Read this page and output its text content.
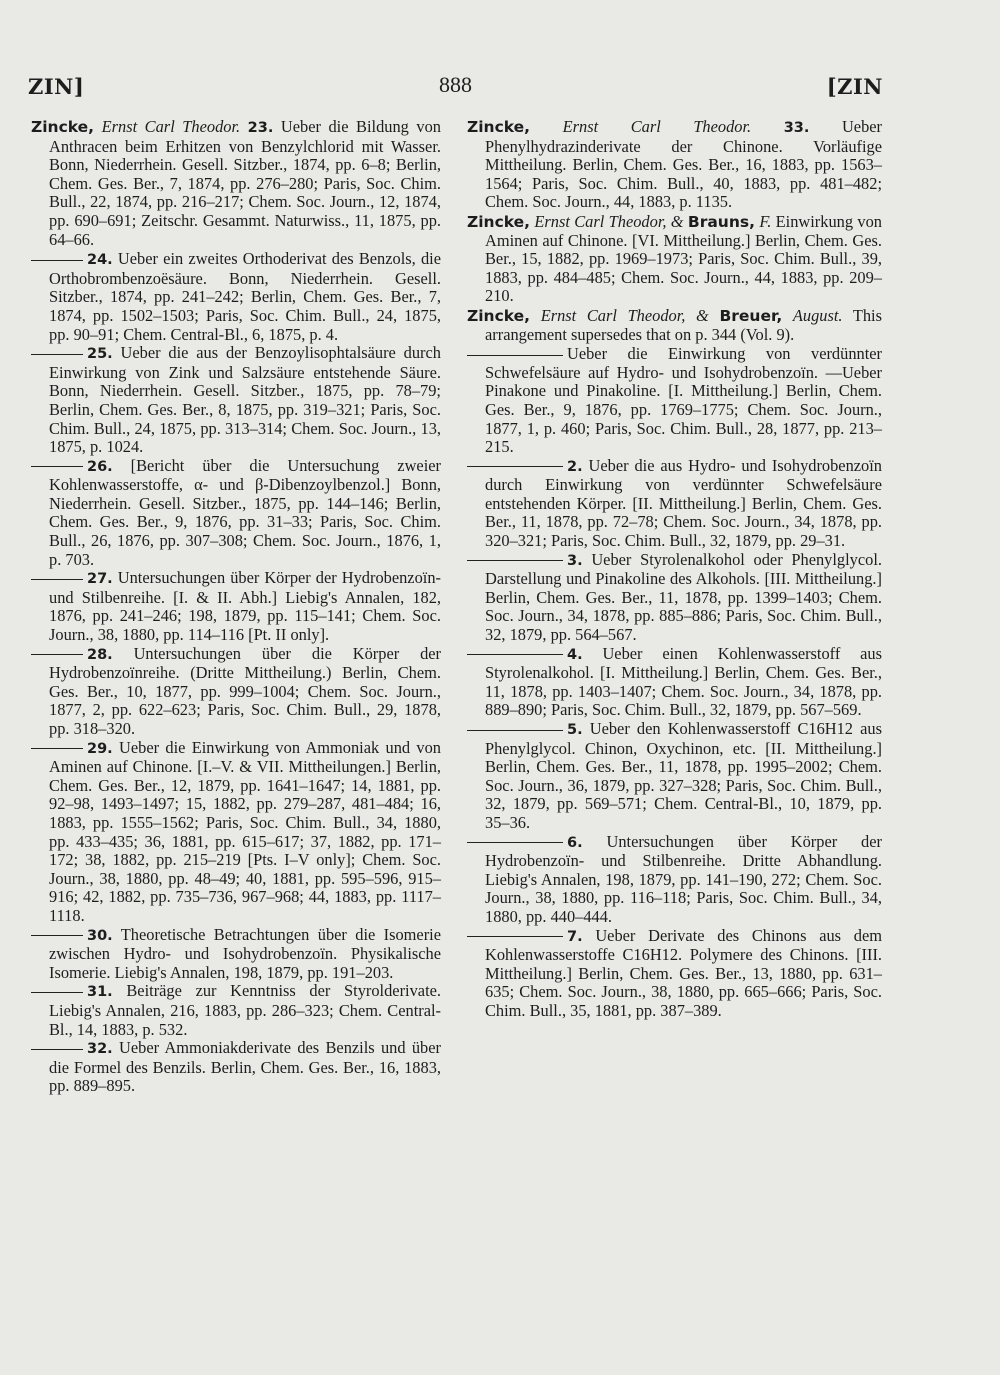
ZIN]	888	[ZIN

Zincke, Ernst Carl Theodor. 23. Ueber die Bildung von Anthracen beim Erhitzen von Benzylchlorid mit Wasser. Bonn, Niederrhein. Gesell. Sitzber., 1874, pp. 6–8; Berlin, Chem. Ges. Ber., 7, 1874, pp. 276–280; Paris, Soc. Chim. Bull., 22, 1874, pp. 216–217; Chem. Soc. Journ., 12, 1874, pp. 690–691; Zeitschr. Gesammt. Naturwiss., 11, 1875, pp. 64–66.

24. Ueber ein zweites Orthoderivat des Benzols, die Orthobrombenzoësäure. Bonn, Niederrhein. Gesell. Sitzber., 1874, pp. 241–242; Berlin, Chem. Ges. Ber., 7, 1874, pp. 1502–1503; Paris, Soc. Chim. Bull., 24, 1875, pp. 90–91; Chem. Central-Bl., 6, 1875, p. 4.

25. Ueber die aus der Benzoylisophtalsäure durch Einwirkung von Zink und Salzsäure entstehende Säure. Bonn, Niederrhein. Gesell. Sitzber., 1875, pp. 78–79; Berlin, Chem. Ges. Ber., 8, 1875, pp. 319–321; Paris, Soc. Chim. Bull., 24, 1875, pp. 313–314; Chem. Soc. Journ., 13, 1875, p. 1024.

26. [Bericht über die Untersuchung zweier Kohlenwasserstoffe, α- und β-Dibenzoylbenzol.] Bonn, Niederrhein. Gesell. Sitzber., 1875, pp. 144–146; Berlin, Chem. Ges. Ber., 9, 1876, pp. 31–33; Paris, Soc. Chim. Bull., 26, 1876, pp. 307–308; Chem. Soc. Journ., 1876, 1, p. 703.

27. Untersuchungen über Körper der Hydrobenzoïn- und Stilbenreihe. [I. & II. Abh.] Liebig's Annalen, 182, 1876, pp. 241–246; 198, 1879, pp. 115–141; Chem. Soc. Journ., 38, 1880, pp. 114–116 [Pt. II only].

28. Untersuchungen über die Körper der Hydrobenzoïnreihe. (Dritte Mittheilung.) Berlin, Chem. Ges. Ber., 10, 1877, pp. 999–1004; Chem. Soc. Journ., 1877, 2, pp. 622–623; Paris, Soc. Chim. Bull., 29, 1878, pp. 318–320.

29. Ueber die Einwirkung von Ammoniak und von Aminen auf Chinone. [I.–V. & VII. Mittheilungen.] Berlin, Chem. Ges. Ber., 12, 1879, pp. 1641–1647; 14, 1881, pp. 92–98, 1493–1497; 15, 1882, pp. 279–287, 481–484; 16, 1883, pp. 1555–1562; Paris, Soc. Chim. Bull., 34, 1880, pp. 433–435; 36, 1881, pp. 615–617; 37, 1882, pp. 171–172; 38, 1882, pp. 215–219 [Pts. I–V only]; Chem. Soc. Journ., 38, 1880, pp. 48–49; 40, 1881, pp. 595–596, 915–916; 42, 1882, pp. 735–736, 967–968; 44, 1883, pp. 1117–1118.

30. Theoretische Betrachtungen über die Isomerie zwischen Hydro- und Isohydrobenzoïn. Physikalische Isomerie. Liebig's Annalen, 198, 1879, pp. 191–203.

31. Beiträge zur Kenntniss der Styrolderivate. Liebig's Annalen, 216, 1883, pp. 286–323; Chem. Central-Bl., 14, 1883, p. 532.

32. Ueber Ammoniakderivate des Benzils und über die Formel des Benzils. Berlin, Chem. Ges. Ber., 16, 1883, pp. 889–895.

Zincke, Ernst Carl Theodor. 33. Ueber Phenylhydrazinderivate der Chinone. Vorläufige Mittheilung. Berlin, Chem. Ges. Ber., 16, 1883, pp. 1563–1564; Paris, Soc. Chim. Bull., 40, 1883, pp. 481–482; Chem. Soc. Journ., 44, 1883, p. 1135.

Zincke, Ernst Carl Theodor, & Brauns, F. Einwirkung von Aminen auf Chinone. [VI. Mittheilung.] Berlin, Chem. Ges. Ber., 15, 1882, pp. 1969–1973; Paris, Soc. Chim. Bull., 39, 1883, pp. 484–485; Chem. Soc. Journ., 44, 1883, pp. 209–210.

Zincke, Ernst Carl Theodor, & Breuer, August. This arrangement supersedes that on p. 344 (Vol. 9).

Ueber die Einwirkung von verdünnter Schwefelsäure auf Hydro- und Isohydrobenzoïn. —Ueber Pinakone und Pinakoline. [I. Mittheilung.] Berlin, Chem. Ges. Ber., 9, 1876, pp. 1769–1775; Chem. Soc. Journ., 1877, 1, p. 460; Paris, Soc. Chim. Bull., 28, 1877, pp. 213–215.

2. Ueber die aus Hydro- und Isohydrobenzoïn durch Einwirkung von verdünnter Schwefelsäure entstehenden Körper. [II. Mittheilung.] Berlin, Chem. Ges. Ber., 11, 1878, pp. 72–78; Chem. Soc. Journ., 34, 1878, pp. 320–321; Paris, Soc. Chim. Bull., 32, 1879, pp. 29–31.

3. Ueber Styrolenalkohol oder Phenylglycol. Darstellung und Pinakoline des Alkohols. [III. Mittheilung.] Berlin, Chem. Ges. Ber., 11, 1878, pp. 1399–1403; Chem. Soc. Journ., 34, 1878, pp. 885–886; Paris, Soc. Chim. Bull., 32, 1879, pp. 564–567.

4. Ueber einen Kohlenwasserstoff aus Styrolenalkohol. [I. Mittheilung.] Berlin, Chem. Ges. Ber., 11, 1878, pp. 1403–1407; Chem. Soc. Journ., 34, 1878, pp. 889–890; Paris, Soc. Chim. Bull., 32, 1879, pp. 567–569.

5. Ueber den Kohlenwasserstoff C16H12 aus Phenylglycol. Chinon, Oxychinon, etc. [II. Mittheilung.] Berlin, Chem. Ges. Ber., 11, 1878, pp. 1995–2002; Chem. Soc. Journ., 36, 1879, pp. 327–328; Paris, Soc. Chim. Bull., 32, 1879, pp. 569–571; Chem. Central-Bl., 10, 1879, pp. 35–36.

6. Untersuchungen über Körper der Hydrobenzoïn- und Stilbenreihe. Dritte Abhandlung. Liebig's Annalen, 198, 1879, pp. 141–190, 272; Chem. Soc. Journ., 38, 1880, pp. 116–118; Paris, Soc. Chim. Bull., 34, 1880, pp. 440–444.

7. Ueber Derivate des Chinons aus dem Kohlenwasserstoffe C16H12. Polymere des Chinons. [III. Mittheilung.] Berlin, Chem. Ges. Ber., 13, 1880, pp. 631–635; Chem. Soc. Journ., 38, 1880, pp. 665–666; Paris, Soc. Chim. Bull., 35, 1881, pp. 387–389.
